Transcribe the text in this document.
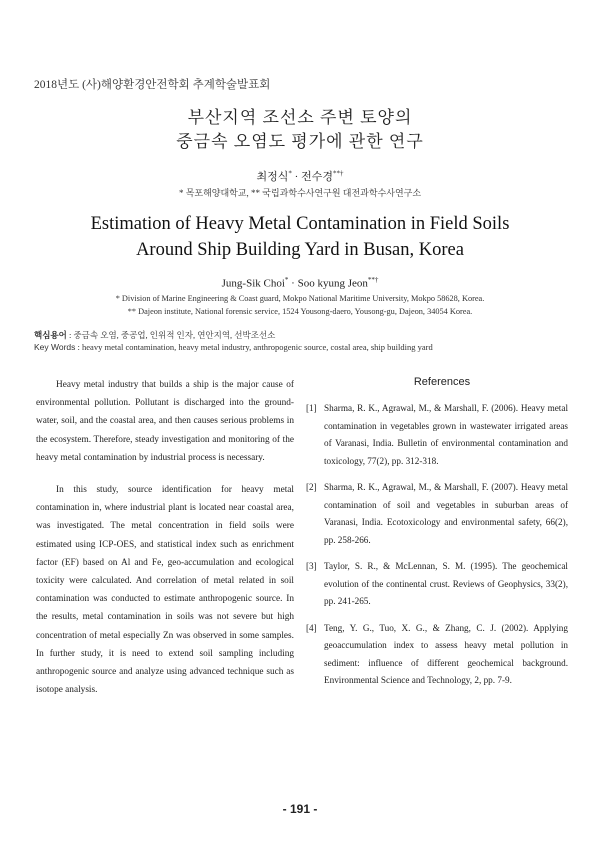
2018년도 (사)해양환경안전학회 추계학술발표회
부산지역 조선소 주변 토양의
중금속 오염도 평가에 관한 연구
최정식* · 전수경**†
* 목포해양대학교, ** 국립과학수사연구원 대전과학수사연구소
Estimation of Heavy Metal Contamination in Field Soils
Around Ship Building Yard in Busan, Korea
Jung-Sik Choi* · Soo kyung Jeon**†
* Division of Marine Engineering & Coast guard, Mokpo National Maritime University, Mokpo 58628, Korea.
** Dajeon institute, National forensic service, 1524 Yousong-daero, Yousong-gu, Dajeon, 34054 Korea.
핵심용어 : 중금속 오염, 중공업, 인위적 인자, 연안지역, 선박조선소
Key Words : heavy metal contamination, heavy metal industry, anthropogenic source, costal area, ship building yard

Heavy metal industry that builds a ship is the major cause of environmental pollution. Pollutant is discharged into the ground-water, soil, and the coastal area, and then causes serious problems in the ecosystem. Therefore, steady investigation and monitoring of the heavy metal contamination by industrial process is necessary.

In this study, source identification for heavy metal contamination in, where industrial plant is located near coastal area, was investigated. The metal concentration in field soils were estimated using ICP-OES, and statistical index such as enrichment factor (EF) based on Al and Fe, geo-accumulation and ecological toxicity were calculated. And correlation of metal related in soil contamination was conducted to estimate anthropogenic source. In the results, metal contamination in soils was not severe but high concentration of metal especially Zn was observed in some samples. In further study, it is need to extend soil sampling including anthropogenic source and analyze using advanced technique such as isotope analysis.

References
[1] Sharma, R. K., Agrawal, M., & Marshall, F. (2006). Heavy metal contamination in vegetables grown in wastewater irrigated areas of Varanasi, India. Bulletin of environmental contamination and toxicology, 77(2), pp. 312-318.
[2] Sharma, R. K., Agrawal, M., & Marshall, F. (2007). Heavy metal contamination of soil and vegetables in suburban areas of Varanasi, India. Ecotoxicology and environmental safety, 66(2), pp. 258-266.
[3] Taylor, S. R., & McLennan, S. M. (1995). The geochemical evolution of the continental crust. Reviews of Geophysics, 33(2), pp. 241-265.
[4] Teng, Y. G., Tuo, X. G., & Zhang, C. J. (2002). Applying geoaccumulation index to assess heavy metal pollution in sediment: influence of different geochemical background. Environmental Science and Technology, 2, pp. 7-9.
- 191 -
